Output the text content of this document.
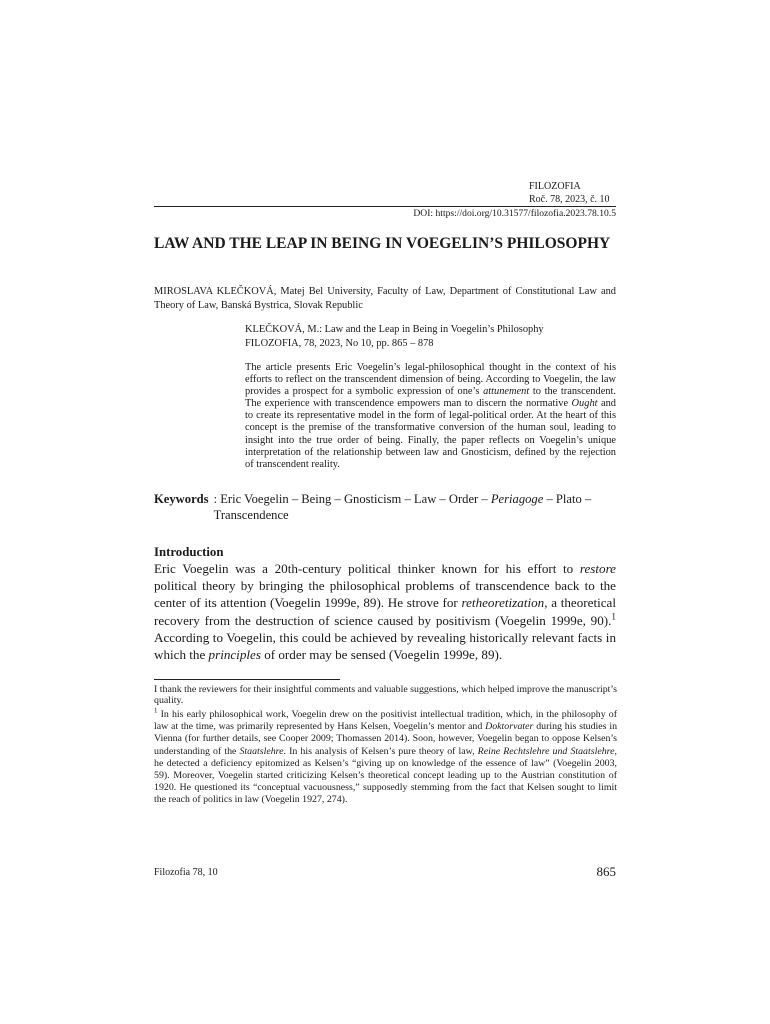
FILOZOFIA
Roč. 78, 2023, č. 10
DOI: https://doi.org/10.31577/filozofia.2023.78.10.5
LAW AND THE LEAP IN BEING IN VOEGELIN’S PHILOSOPHY
MIROSLAVA KLEČKOVÁ, Matej Bel University, Faculty of Law, Department of Constitutional Law and Theory of Law, Banská Bystrica, Slovak Republic
KLEČKOVÁ, M.: Law and the Leap in Being in Voegelin’s Philosophy
FILOZOFIA, 78, 2023, No 10, pp. 865 – 878

The article presents Eric Voegelin’s legal-philosophical thought in the context of his efforts to reflect on the transcendent dimension of being. According to Voegelin, the law provides a prospect for a symbolic expression of one’s attunement to the transcendent. The experience with transcendence empowers man to discern the normative Ought and to create its representative model in the form of legal-political order. At the heart of this concept is the premise of the transformative conversion of the human soul, leading to insight into the true order of being. Finally, the paper reflects on Voegelin’s unique interpretation of the relationship between law and Gnosticism, defined by the rejection of transcendent reality.

Keywords : Eric Voegelin – Being – Gnosticism – Law – Order – Periagoge – Plato – Transcendence
Introduction

Eric Voegelin was a 20th-century political thinker known for his effort to restore political theory by bringing the philosophical problems of transcendence back to the center of its attention (Voegelin 1999e, 89). He strove for retheoretization, a theoretical recovery from the destruction of science caused by positivism (Voegelin 1999e, 90).$^1$ According to Voegelin, this could be achieved by revealing historically relevant facts in which the principles of order may be sensed (Voegelin 1999e, 89).

I thank the reviewers for their insightful comments and valuable suggestions, which helped improve the manuscript’s quality.

$^1$ In his early philosophical work, Voegelin drew on the positivist intellectual tradition, which, in the philosophy of law at the time, was primarily represented by Hans Kelsen, Voegelin’s mentor and Doktorvater during his studies in Vienna (for further details, see Cooper 2009; Thomassen 2014). Soon, however, Voegelin began to oppose Kelsen’s understanding of the Staatslehre. In his analysis of Kelsen’s pure theory of law, Reine Rechtslehre und Staatslehre, he detected a deficiency epitomized as Kelsen’s “giving up on knowledge of the essence of law” (Voegelin 2003, 59). Moreover, Voegelin started criticizing Kelsen’s theoretical concept leading up to the Austrian constitution of 1920. He questioned its “conceptual vacuousness,” supposedly stemming from the fact that Kelsen sought to limit the reach of politics in law (Voegelin 1927, 274).

Filozofia 78, 10	865
